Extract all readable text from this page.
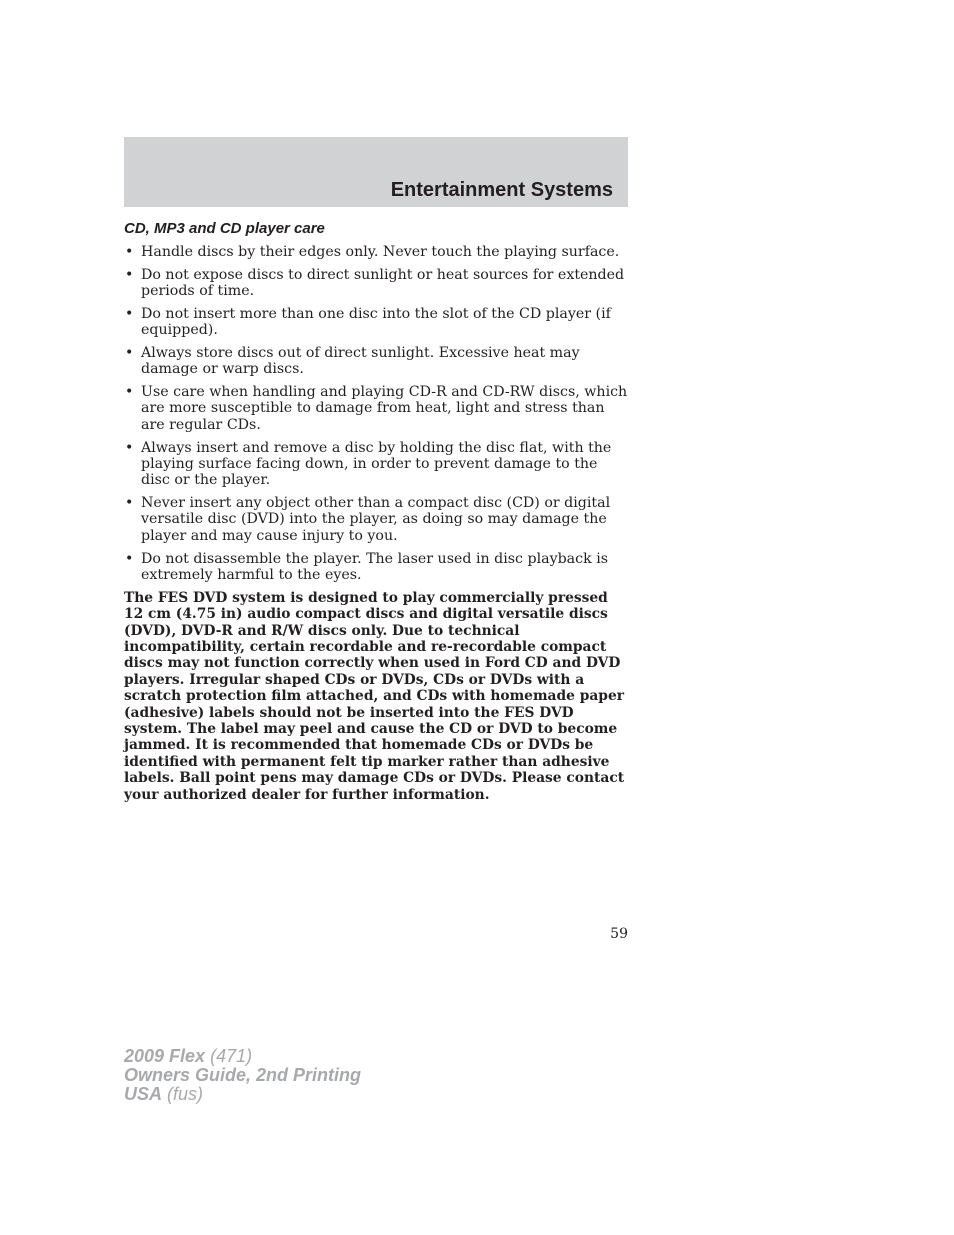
Entertainment Systems
CD, MP3 and CD player care
• Handle discs by their edges only. Never touch the playing surface.
• Do not expose discs to direct sunlight or heat sources for extended periods of time.
• Do not insert more than one disc into the slot of the CD player (if equipped).
• Always store discs out of direct sunlight. Excessive heat may damage or warp discs.
• Use care when handling and playing CD-R and CD-RW discs, which are more susceptible to damage from heat, light and stress than are regular CDs.
• Always insert and remove a disc by holding the disc flat, with the playing surface facing down, in order to prevent damage to the disc or the player.
• Never insert any object other than a compact disc (CD) or digital versatile disc (DVD) into the player, as doing so may damage the player and may cause injury to you.
• Do not disassemble the player. The laser used in disc playback is extremely harmful to the eyes.

The FES DVD system is designed to play commercially pressed 12 cm (4.75 in) audio compact discs and digital versatile discs (DVD), DVD-R and R/W discs only. Due to technical incompatibility, certain recordable and re-recordable compact discs may not function correctly when used in Ford CD and DVD players. Irregular shaped CDs or DVDs, CDs or DVDs with a scratch protection film attached, and CDs with homemade paper (adhesive) labels should not be inserted into the FES DVD system. The label may peel and cause the CD or DVD to become jammed. It is recommended that homemade CDs or DVDs be identified with permanent felt tip marker rather than adhesive labels. Ball point pens may damage CDs or DVDs. Please contact your authorized dealer for further information.

59
2009 Flex (471)
Owners Guide, 2nd Printing
USA (fus)
